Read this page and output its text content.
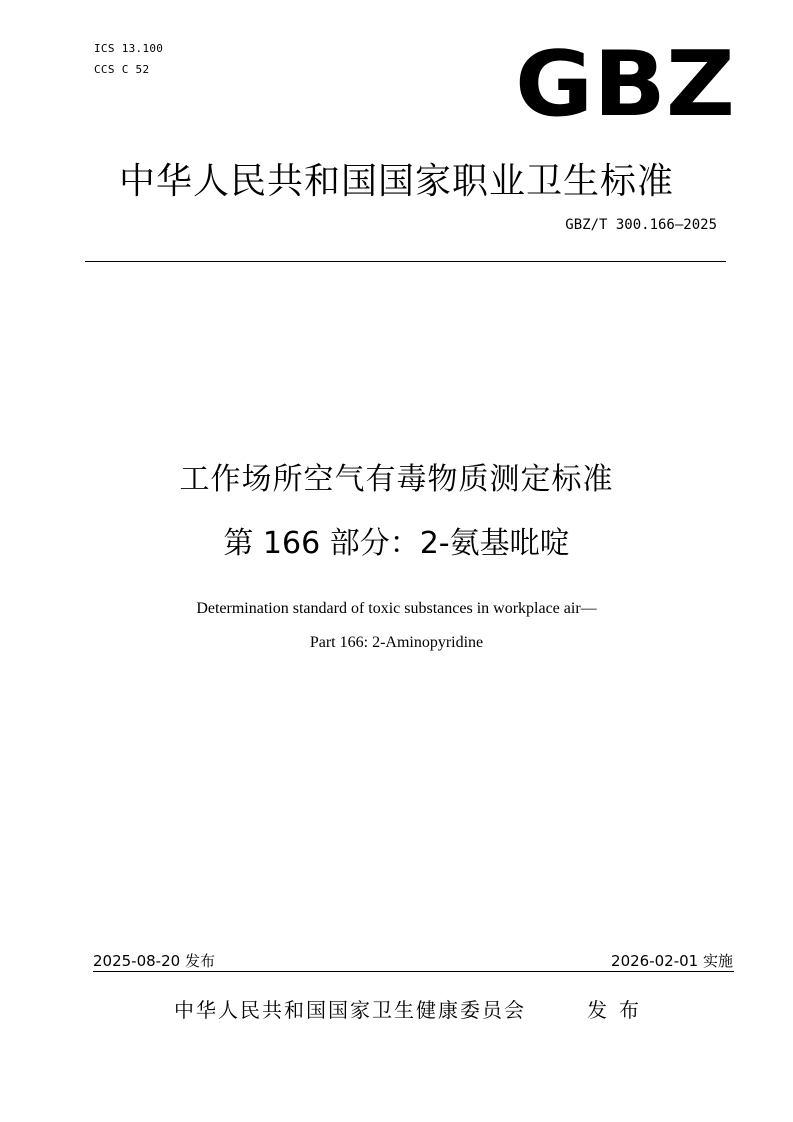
ICS 13.100
CCS C 52	GBZ
中华人民共和国国家职业卫生标准
GBZ/T 300.166—2025
工作场所空气有毒物质测定标准
第 166 部分：2-氨基吡啶
Determination standard of toxic substances in workplace air—
Part 166: 2-Aminopyridine
2025-08-20 发布	2026-02-01 实施
中华人民共和国国家卫生健康委员会	发布
